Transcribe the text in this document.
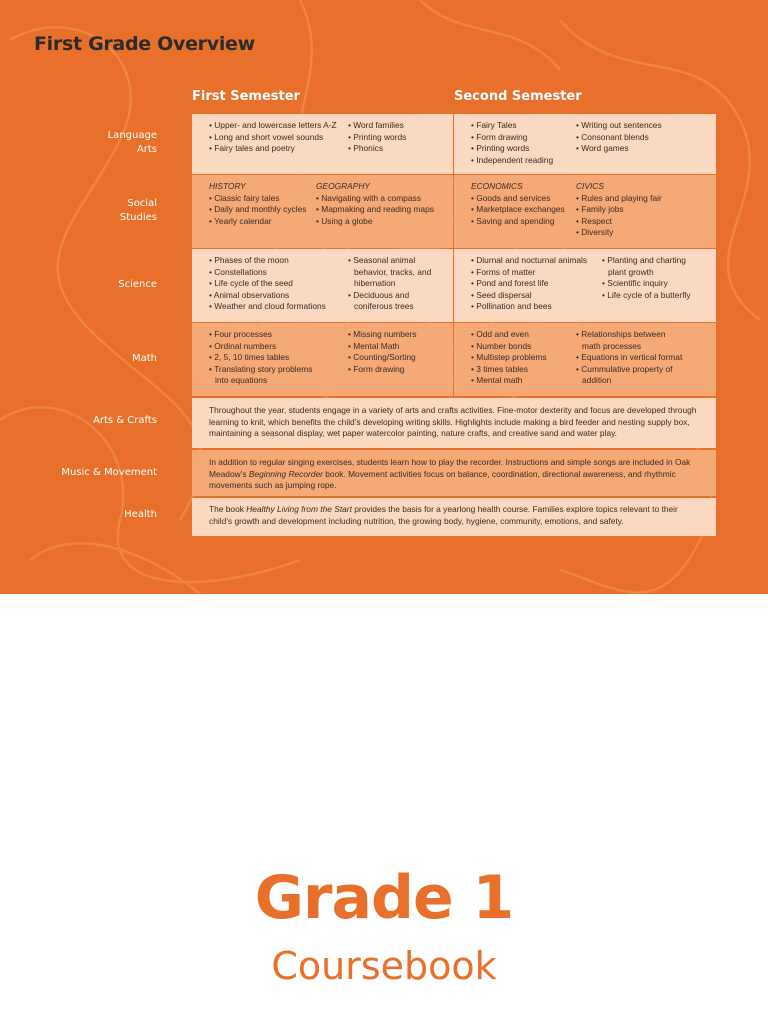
First Grade Overview
First Semester	Second Semester
Language
Arts
Social
Studies
Science
Math
Arts & Crafts
Music & Movement
Health
• Upper- and lowercase letters A-Z
• Long and short vowel sounds
• Fairy tales and poetry
• Word families
• Printing words
• Phonics
• Fairy Tales
• Form drawing
• Printing words
• Independent reading
• Writing out sentences
• Consonant blends
• Word games
HISTORY
• Classic fairy tales
• Daily and monthly cycles
• Yearly calendar
GEOGRAPHY
• Navigating with a compass
• Mapmaking and reading maps
• Using a globe
ECONOMICS
• Goods and services
• Marketplace exchanges
• Saving and spending
CIVICS
• Rules and playing fair
• Family jobs
• Respect
• Diversity
• Phases of the moon
• Constellations
• Life cycle of the seed
• Animal observations
• Weather and cloud formations
• Seasonal animal
behavior, tracks, and
hibernation
• Deciduous and
coniferous trees
• Diurnal and nocturnal animals
• Forms of matter
• Pond and forest life
• Seed dispersal
• Pollination and bees
• Planting and charting
plant growth
• Scientific inquiry
• Life cycle of a butterfly
• Four processes
• Ordinal numbers
• 2, 5, 10 times tables
• Translating story problems
into equations
• Missing numbers
• Mental Math
• Counting/Sorting
• Form drawing
• Odd and even
• Number bonds
• Multistep problems
• 3 times tables
• Mental math
• Relationships between
math processes
• Equations in vertical format
• Cummulative property of
addition
Throughout the year, students engage in a variety of arts and crafts activities. Fine-motor dexterity and focus are developed through learning to knit, which benefits the child’s developing writing skills. Highlights include making a bird feeder and nesting supply box, maintaining a seasonal display, wet paper watercolor painting, nature crafts, and creative sand and water play.
In addition to regular singing exercises, students learn how to play the recorder. Instructions and simple songs are included in Oak Meadow’s Beginning Recorder book. Movement activities focus on balance, coordination, directional awareness, and rhythmic movements such as jumping rope.
The book Healthy Living from the Start provides the basis for a yearlong health course. Families explore topics relevant to their child’s growth and development including nutrition, the growing body, hygiene, community, emotions, and safety.
Grade 1
Coursebook
